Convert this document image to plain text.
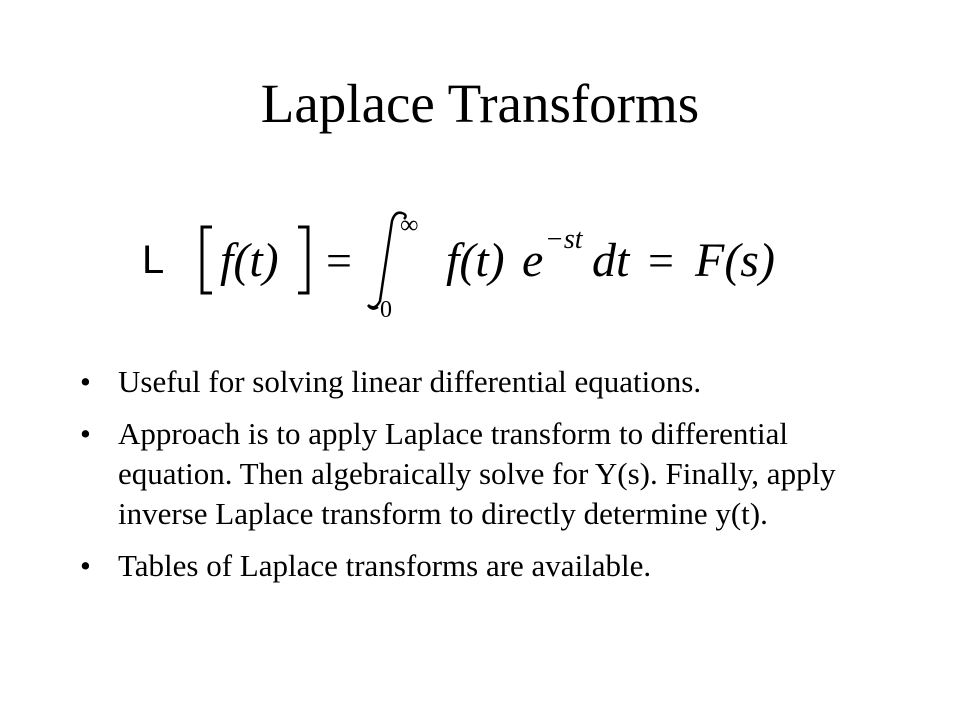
Laplace Transforms
L f(t) =
∞
0
f(t) e −st dt = F(s)
• Useful for solving linear differential equations.
• Approach is to apply Laplace transform to differential equation. Then algebraically solve for Y(s). Finally, apply inverse Laplace transform to directly determine y(t).
• Tables of Laplace transforms are available.
